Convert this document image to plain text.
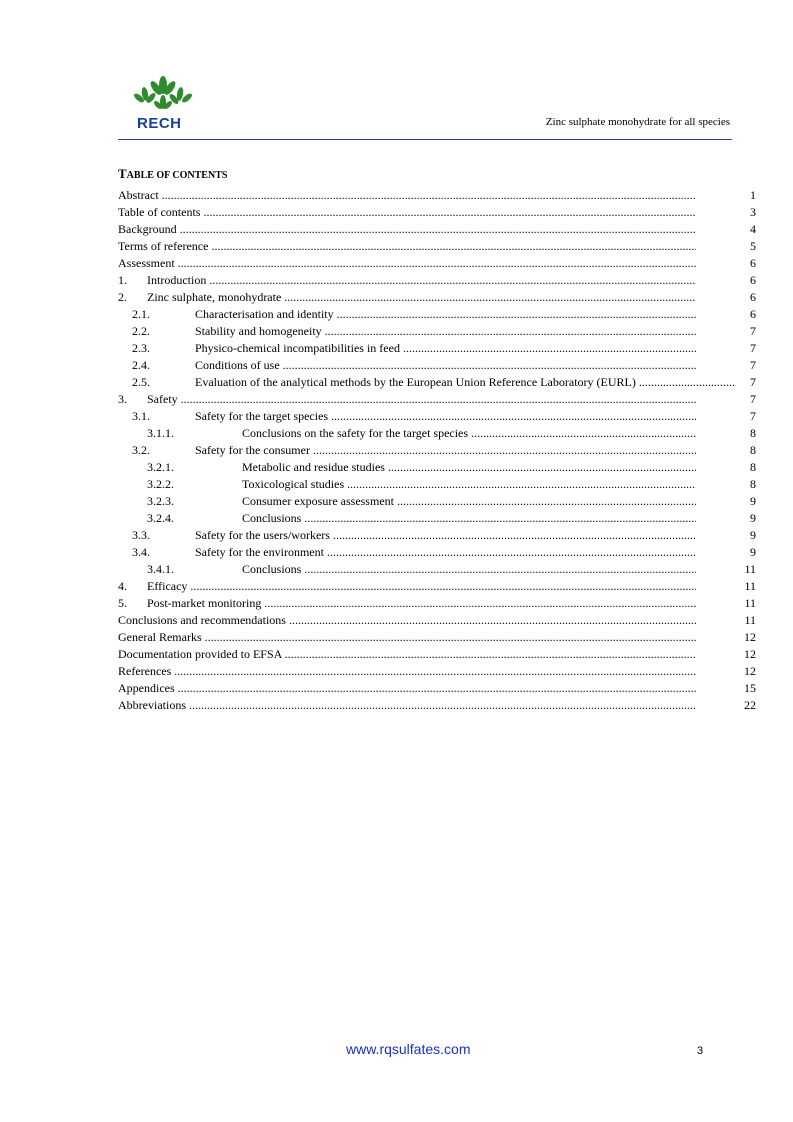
RECH	Zinc sulphate monohydrate for all species
TABLE OF CONTENTS
Abstract .....	1
Table of contents .....	3
Background .....	4
Terms of reference .....	5
Assessment .....	6
1. Introduction .....	6
2. Zinc sulphate, monohydrate .....	6
2.1.	Characterisation and identity .....	6
2.2.	Stability and homogeneity .....	7
2.3.	Physico-chemical incompatibilities in feed .....	7
2.4.	Conditions of use .....	7
2.5.	Evaluation of the analytical methods by the European Union Reference Laboratory (EURL) .....	7
3. Safety .....	7
3.1.	Safety for the target species .....	7
3.1.1.	Conclusions on the safety for the target species .....	8
3.2.	Safety for the consumer .....	8
3.2.1.	Metabolic and residue studies .....	8
3.2.2.	Toxicological studies .....	8
3.2.3.	Consumer exposure assessment .....	9
3.2.4.	Conclusions .....	9
3.3.	Safety for the users/workers .....	9
3.4.	Safety for the environment .....	9
3.4.1.	Conclusions .....	11
4. Efficacy .....	11
5. Post-market monitoring .....	11
Conclusions and recommendations .....	11
General Remarks .....	12
Documentation provided to EFSA .....	12
References .....	12
Appendices .....	15
Abbreviations .....	22
www.rqsulfates.com	3
